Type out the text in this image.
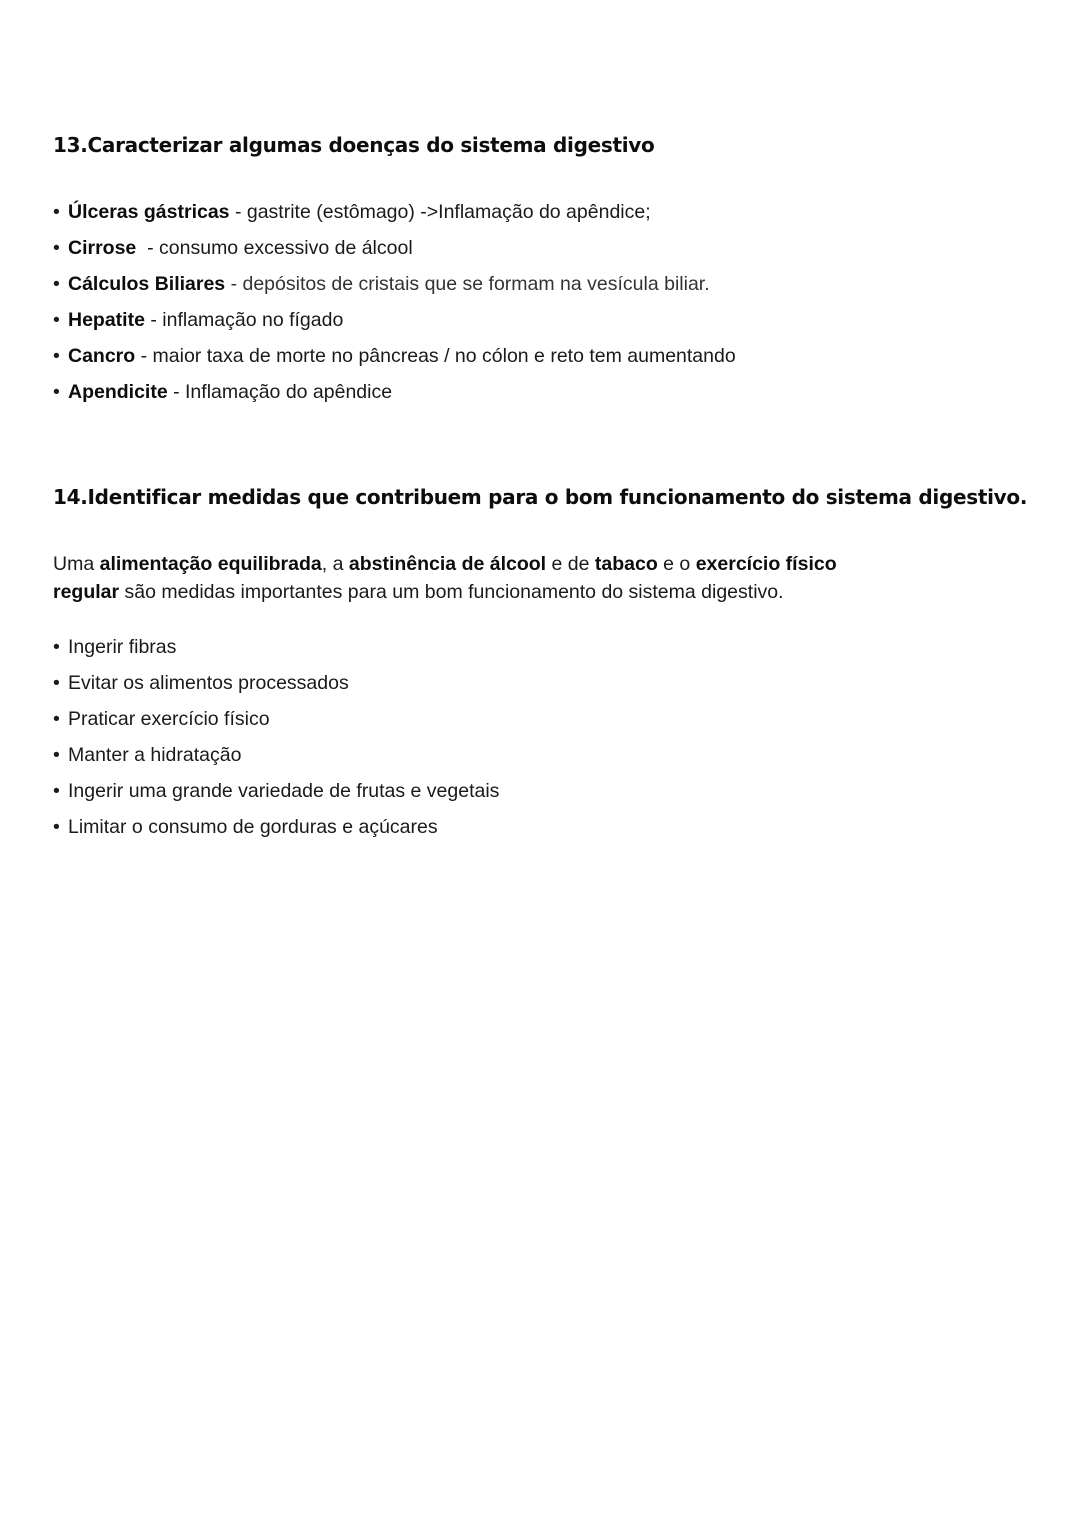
13.Caracterizar algumas doenças do sistema digestivo
• Úlceras gástricas - gastrite (estômago) ->Inflamação do apêndice;
• Cirrose  - consumo excessivo de álcool
• Cálculos Biliares - depósitos de cristais que se formam na vesícula biliar.
• Hepatite - inflamação no fígado
• Cancro - maior taxa de morte no pâncreas / no cólon e reto tem aumentando
• Apendicite - Inflamação do apêndice
14.Identificar medidas que contribuem para o bom funcionamento do sistema digestivo.

Uma alimentação equilibrada, a abstinência de álcool e de tabaco e o exercício físico
regular são medidas importantes para um bom funcionamento do sistema digestivo.

• Ingerir fibras
• Evitar os alimentos processados
• Praticar exercício físico
• Manter a hidratação
• Ingerir uma grande variedade de frutas e vegetais
• Limitar o consumo de gorduras e açúcares
